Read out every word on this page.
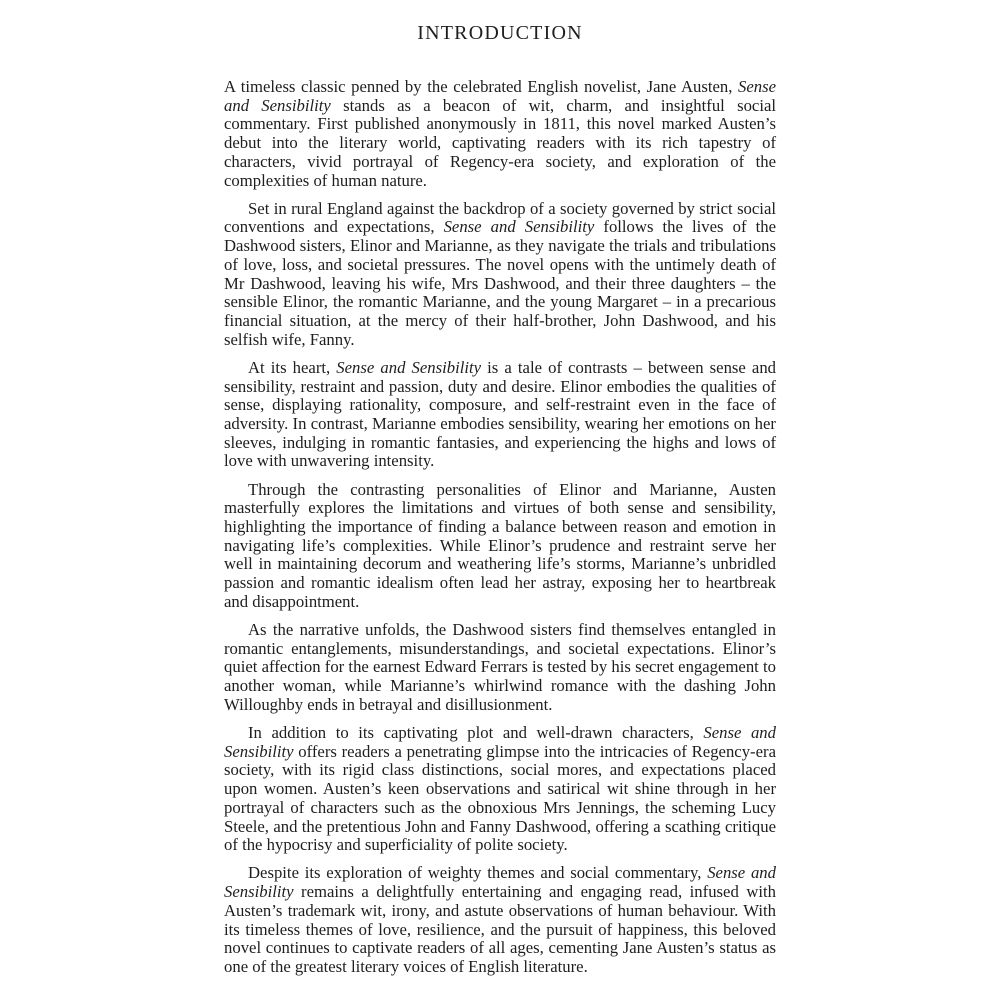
INTRODUCTION

A timeless classic penned by the celebrated English novelist, Jane Austen, Sense and Sensibility stands as a beacon of wit, charm, and insightful social commentary. First published anonymously in 1811, this novel marked Austen’s debut into the literary world, captivating readers with its rich tapestry of characters, vivid portrayal of Regency-era society, and exploration of the complexities of human nature.

Set in rural England against the backdrop of a society governed by strict social conventions and expectations, Sense and Sensibility follows the lives of the Dashwood sisters, Elinor and Marianne, as they navigate the trials and tribulations of love, loss, and societal pressures. The novel opens with the untimely death of Mr Dashwood, leaving his wife, Mrs Dashwood, and their three daughters – the sensible Elinor, the romantic Marianne, and the young Margaret – in a precarious financial situation, at the mercy of their half-brother, John Dashwood, and his selfish wife, Fanny.

At its heart, Sense and Sensibility is a tale of contrasts – between sense and sensibility, restraint and passion, duty and desire. Elinor embodies the qualities of sense, displaying rationality, composure, and self-restraint even in the face of adversity. In contrast, Marianne embodies sensibility, wearing her emotions on her sleeves, indulging in romantic fantasies, and experiencing the highs and lows of love with unwavering intensity.

Through the contrasting personalities of Elinor and Marianne, Austen masterfully explores the limitations and virtues of both sense and sensibility, highlighting the importance of finding a balance between reason and emotion in navigating life’s complexities. While Elinor’s prudence and restraint serve her well in maintaining decorum and weathering life’s storms, Marianne’s unbridled passion and romantic idealism often lead her astray, exposing her to heartbreak and disappointment.

As the narrative unfolds, the Dashwood sisters find themselves entangled in romantic entanglements, misunderstandings, and societal expectations. Elinor’s quiet affection for the earnest Edward Ferrars is tested by his secret engagement to another woman, while Marianne’s whirlwind romance with the dashing John Willoughby ends in betrayal and disillusionment.

In addition to its captivating plot and well-drawn characters, Sense and Sensibility offers readers a penetrating glimpse into the intricacies of Regency-era society, with its rigid class distinctions, social mores, and expectations placed upon women. Austen’s keen observations and satirical wit shine through in her portrayal of characters such as the obnoxious Mrs Jennings, the scheming Lucy Steele, and the pretentious John and Fanny Dashwood, offering a scathing critique of the hypocrisy and superficiality of polite society.

Despite its exploration of weighty themes and social commentary, Sense and Sensibility remains a delightfully entertaining and engaging read, infused with Austen’s trademark wit, irony, and astute observations of human behaviour. With its timeless themes of love, resilience, and the pursuit of happiness, this beloved novel continues to captivate readers of all ages, cementing Jane Austen’s status as one of the greatest literary voices of English literature.
